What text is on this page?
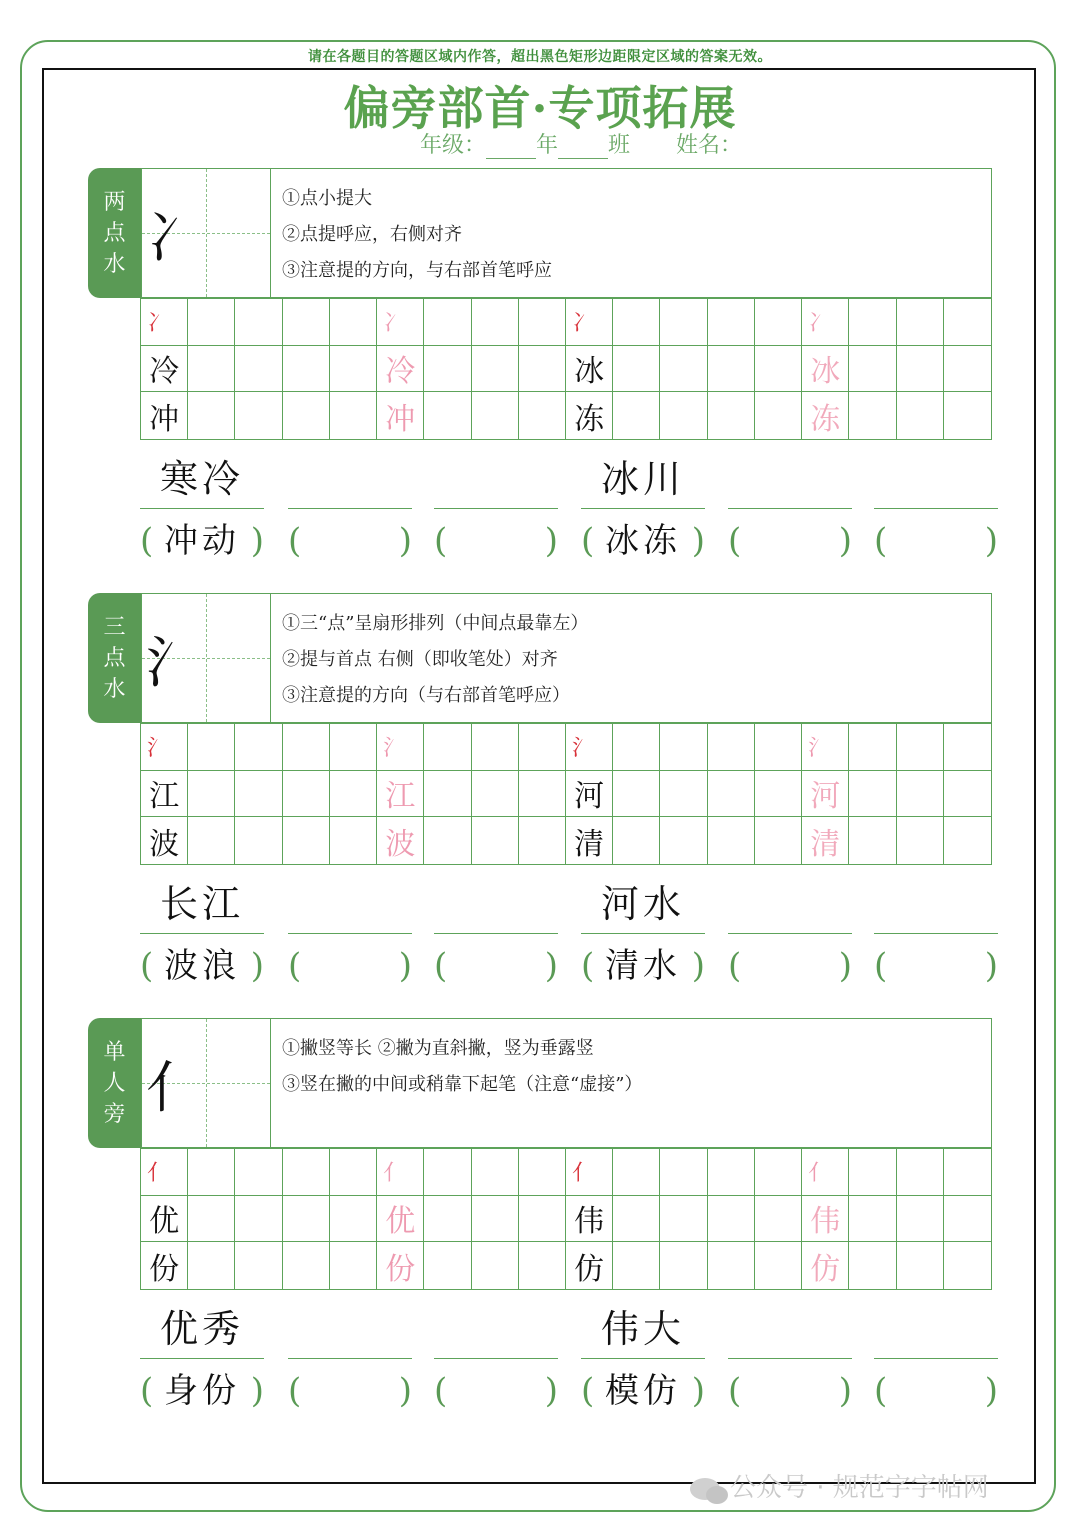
请在各题目的答题区域内作答，超出黑色矩形边距限定区域的答案无效。
偏旁部首·专项拓展
年级： 年 班 姓名：
两
点
水 冫
①点小提大
②点提呼应，右侧对齐
③注意提的方向，与右部首笔呼应
冫	冫	冫	冫
冷	冷	冰	冰
冲	冲	冻	冻
寒冷	冰川
( 冲动 ) (	) (	) ( 冰冻 ) (	) (	)
三
点
水 氵
①三“点”呈扇形排列（中间点最靠左）
②提与首点 右侧（即收笔处）对齐
③注意提的方向（与右部首笔呼应）
氵	氵	氵	氵
江	江	河	河
波	波	清	清
长江	河水
( 波浪 ) (	) (	) ( 清水 ) (	) (	)
单
人
旁 亻
①撇竖等长 ②撇为直斜撇，竖为垂露竖
③竖在撇的中间或稍靠下起笔（注意“虚接”）
亻	亻	亻	亻
优	优	伟	伟
份	份	仿	仿
优秀	伟大
( 身份 ) (	) (	) ( 模仿 ) (	) (	)
公众号 · 规范字字帖网
